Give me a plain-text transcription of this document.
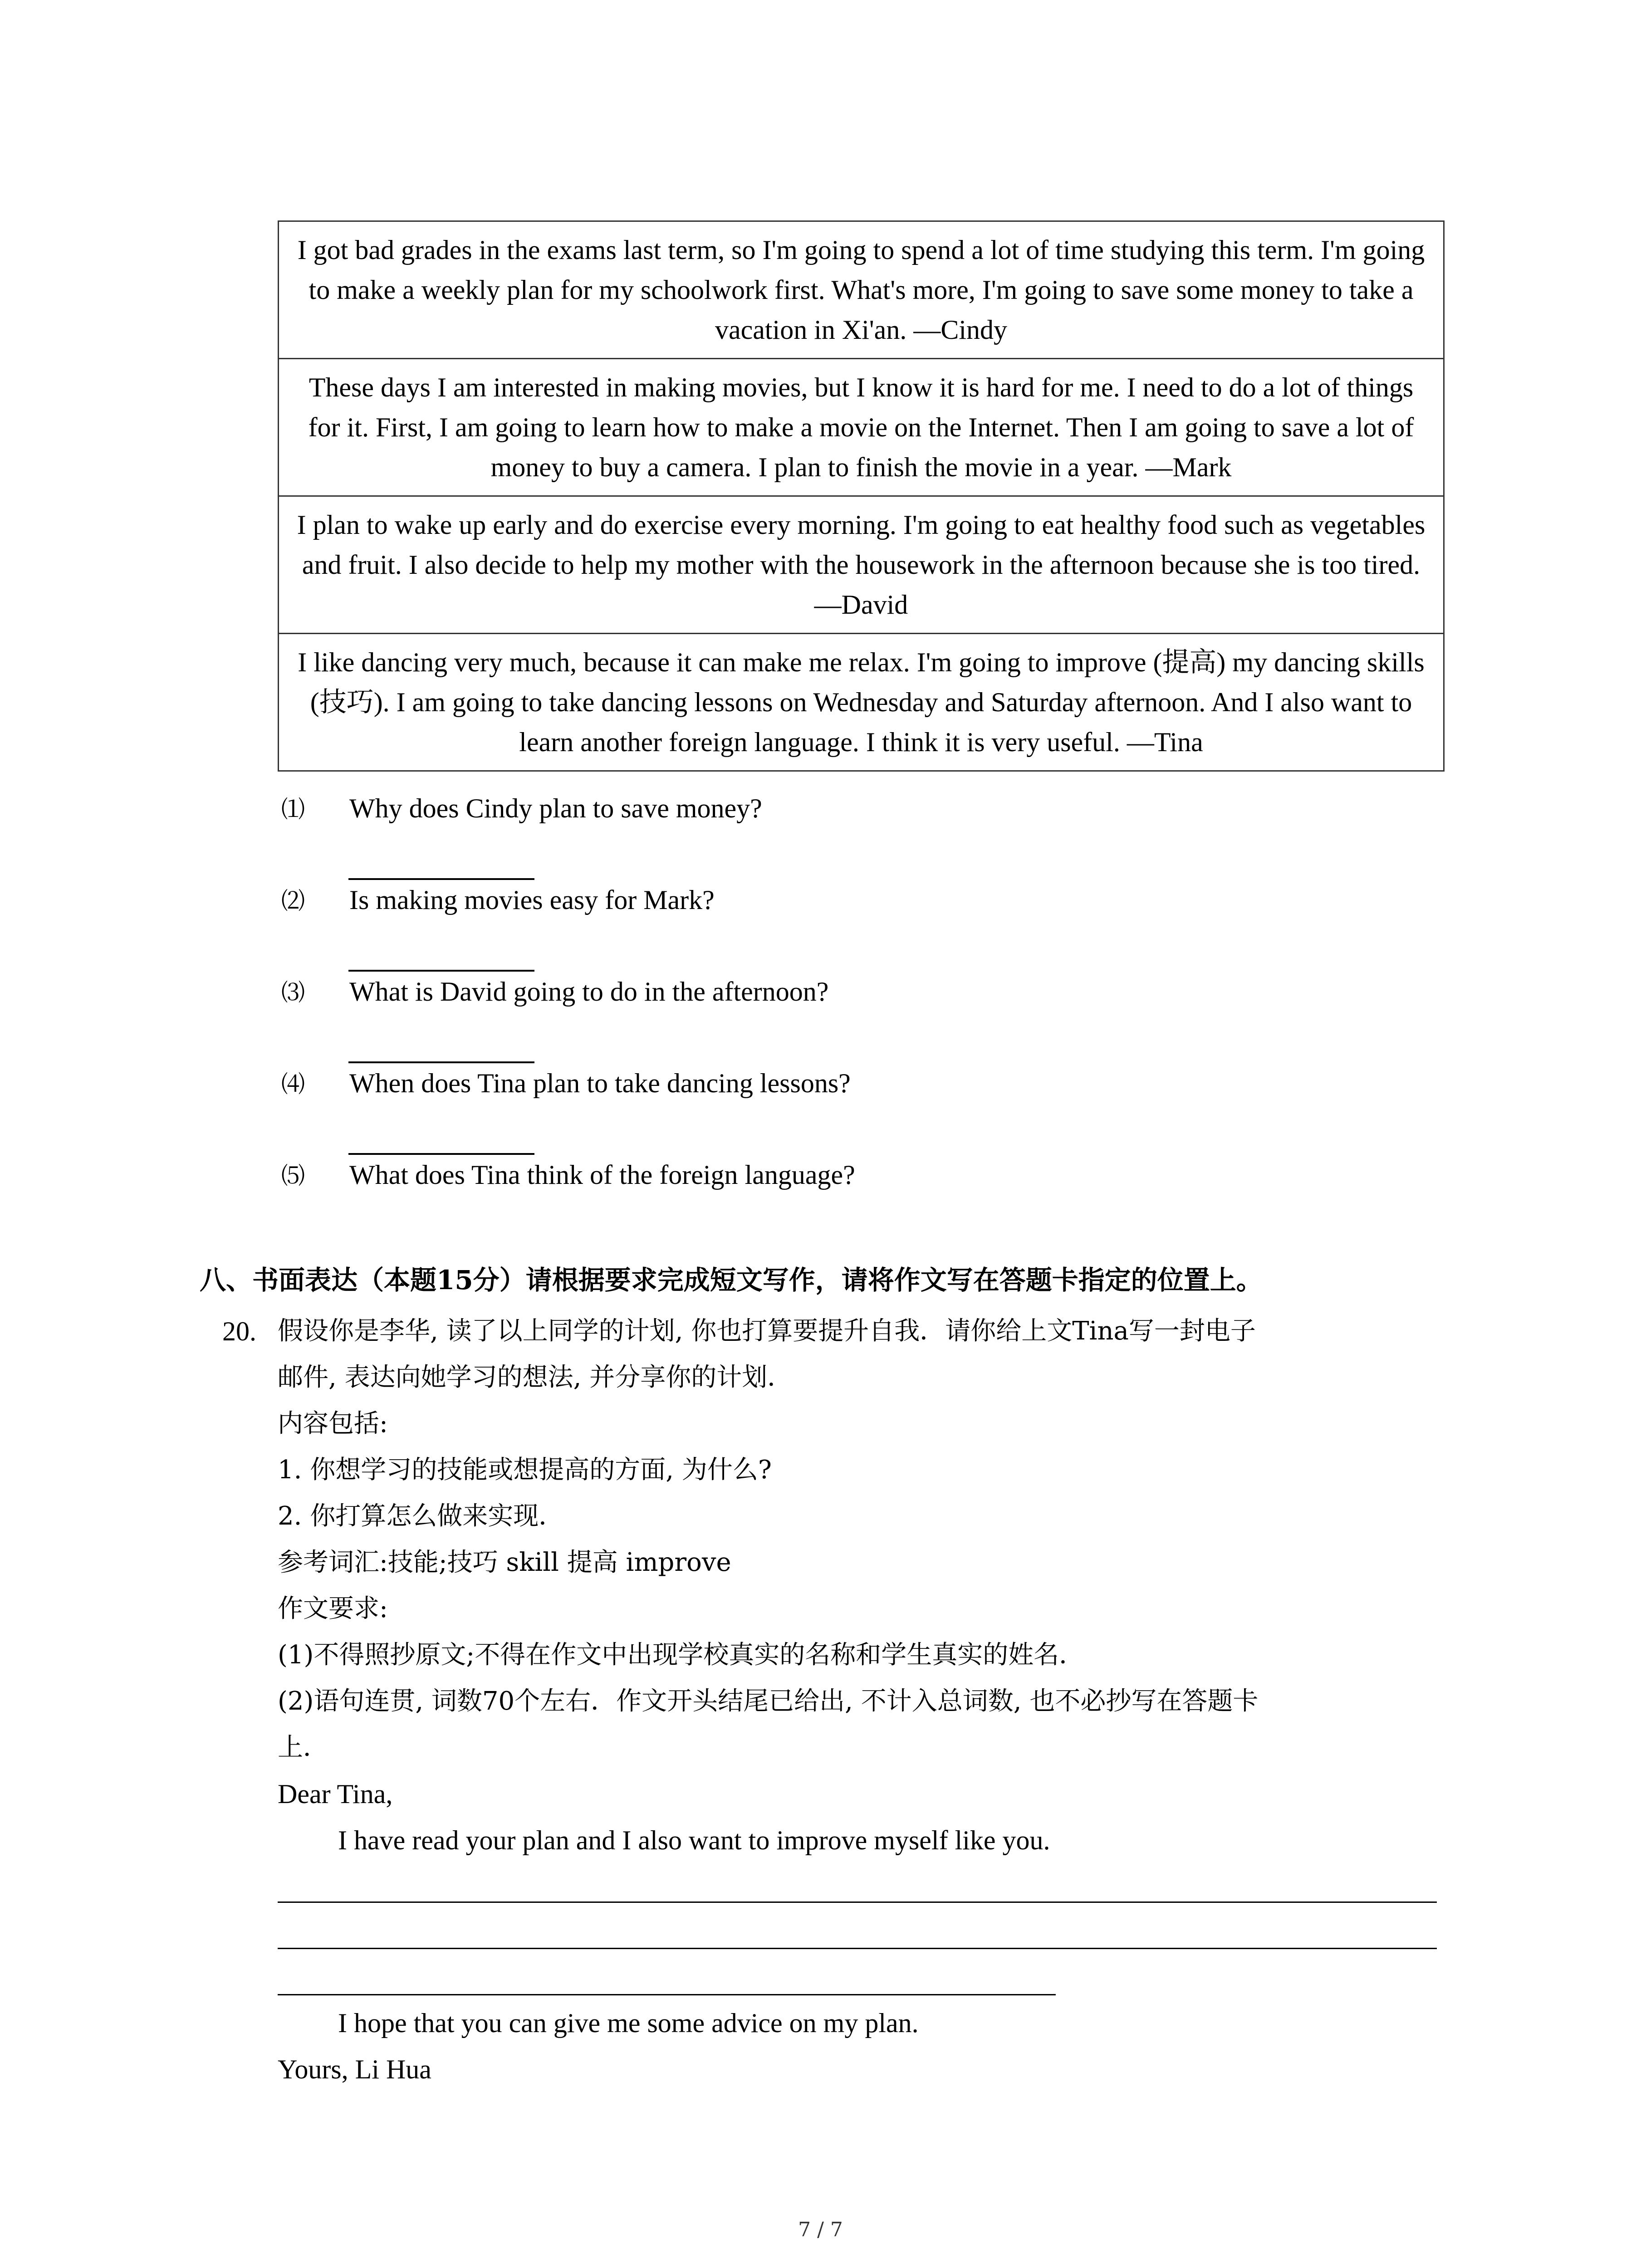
I got bad grades in the exams last term, so I'm going to spend a lot of time studying this term. I'm going to make a weekly plan for my schoolwork first. What's more, I'm going to save some money to take a vacation in Xi'an. —Cindy

These days I am interested in making movies, but I know it is hard for me. I need to do a lot of things for it. First, I am going to learn how to make a movie on the Internet. Then I am going to save a lot of money to buy a camera. I plan to finish the movie in a year. —Mark

I plan to wake up early and do exercise every morning. I'm going to eat healthy food such as vegetables and fruit. I also decide to help my mother with the housework in the afternoon because she is too tired. —David

I like dancing very much, because it can make me relax. I'm going to improve (提高) my dancing skills (技巧). I am going to take dancing lessons on Wednesday and Saturday afternoon. And I also want to learn another foreign language. I think it is very useful. —Tina
⑴ Why does Cindy plan to save money?
⑵ Is making movies easy for Mark?
⑶ What is David going to do in the afternoon?
⑷ When does Tina plan to take dancing lessons?
⑸ What does Tina think of the foreign language?
八、书面表达（本题15分）请根据要求完成短文写作，请将作文写在答题卡指定的位置上。
20. 假设你是李华, 读了以上同学的计划, 你也打算要提升自我．请你给上文Tina写一封电子
邮件, 表达向她学习的想法, 并分享你的计划．
内容包括:
1. 你想学习的技能或想提高的方面, 为什么?
2. 你打算怎么做来实现．
参考词汇:技能;技巧 skill 提高 improve
作文要求:
(1)不得照抄原文;不得在作文中出现学校真实的名称和学生真实的姓名．
(2)语句连贯, 词数70个左右．作文开头结尾已给出, 不计入总词数, 也不必抄写在答题卡
上．
Dear Tina,
I have read your plan and I also want to improve myself like you.
I hope that you can give me some advice on my plan.
Yours, Li Hua
7 / 7
